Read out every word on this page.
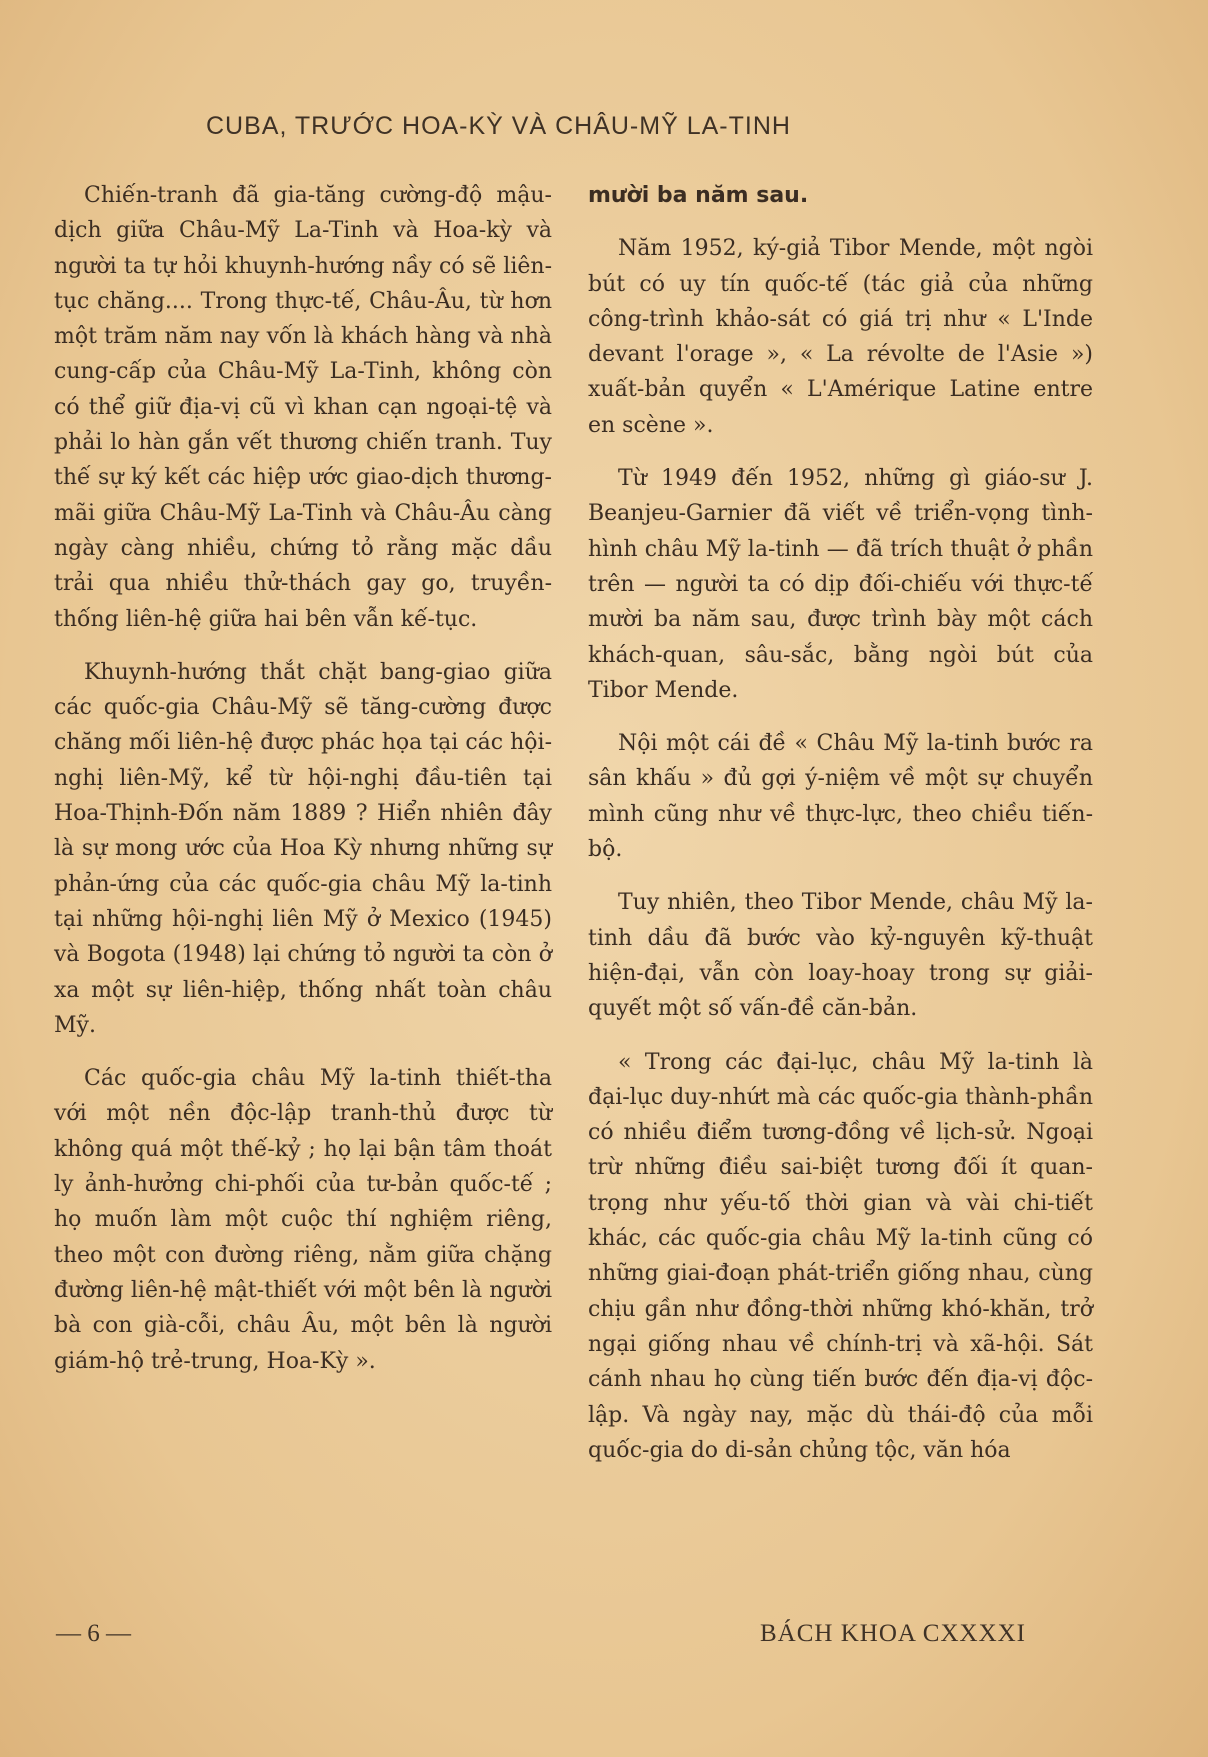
CUBA, TRƯỚC HOA-KỲ VÀ CHÂU-MỸ LA-TINH

Chiến-tranh đã gia-tăng cường-độ mậu-dịch giữa Châu-Mỹ La-Tinh và Hoa-kỳ và người ta tự hỏi khuynh-hướng nầy có sẽ liên-tục chăng.... Trong thực-tế, Châu-Âu, từ hơn một trăm năm nay vốn là khách hàng và nhà cung-cấp của Châu-Mỹ La-Tinh, không còn có thể giữ địa-vị cũ vì khan cạn ngoại-tệ và phải lo hàn gắn vết thương chiến tranh. Tuy thế sự ký kết các hiệp ước giao-dịch thương-mãi giữa Châu-Mỹ La-Tinh và Châu-Âu càng ngày càng nhiều, chứng tỏ rằng mặc dầu trải qua nhiều thử-thách gay go, truyền-thống liên-hệ giữa hai bên vẫn kế-tục.

Khuynh-hướng thắt chặt bang-giao giữa các quốc-gia Châu-Mỹ sẽ tăng-cường được chăng mối liên-hệ được phác họa tại các hội-nghị liên-Mỹ, kể từ hội-nghị đầu-tiên tại Hoa-Thịnh-Đốn năm 1889 ? Hiển nhiên đây là sự mong ước của Hoa Kỳ nhưng những sự phản-ứng của các quốc-gia châu Mỹ la-tinh tại những hội-nghị liên Mỹ ở Mexico (1945) và Bogota (1948) lại chứng tỏ người ta còn ở xa một sự liên-hiệp, thống nhất toàn châu Mỹ.

Các quốc-gia châu Mỹ la-tinh thiết-tha với một nền độc-lập tranh-thủ được từ không quá một thế-kỷ ; họ lại bận tâm thoát ly ảnh-hưởng chi-phối của tư-bản quốc-tế ; họ muốn làm một cuộc thí nghiệm riêng, theo một con đường riêng, nằm giữa chặng đường liên-hệ mật-thiết với một bên là người bà con già-cỗi, châu Âu, một bên là người giám-hộ trẻ-trung, Hoa-Kỳ ».

mười ba năm sau.

Năm 1952, ký-giả Tibor Mende, một ngòi bút có uy tín quốc-tế (tác giả của những công-trình khảo-sát có giá trị như « L'Inde devant l'orage », « La révolte de l'Asie ») xuất-bản quyển « L'Amérique Latine entre en scène ».

Từ 1949 đến 1952, những gì giáo-sư J. Beanjeu-Garnier đã viết về triển-vọng tình-hình châu Mỹ la-tinh — đã trích thuật ở phần trên — người ta có dịp đối-chiếu với thực-tế mười ba năm sau, được trình bày một cách khách-quan, sâu-sắc, bằng ngòi bút của Tibor Mende.

Nội một cái đề « Châu Mỹ la-tinh bước ra sân khấu » đủ gợi ý-niệm về một sự chuyển mình cũng như về thực-lực, theo chiều tiến-bộ.

Tuy nhiên, theo Tibor Mende, châu Mỹ la-tinh dầu đã bước vào kỷ-nguyên kỹ-thuật hiện-đại, vẫn còn loay-hoay trong sự giải-quyết một số vấn-đề căn-bản.

« Trong các đại-lục, châu Mỹ la-tinh là đại-lục duy-nhứt mà các quốc-gia thành-phần có nhiều điểm tương-đồng về lịch-sử. Ngoại trừ những điều sai-biệt tương đối ít quan-trọng như yếu-tố thời gian và vài chi-tiết khác, các quốc-gia châu Mỹ la-tinh cũng có những giai-đoạn phát-triển giống nhau, cùng chịu gần như đồng-thời những khó-khăn, trở ngại giống nhau về chính-trị và xã-hội. Sát cánh nhau họ cùng tiến bước đến địa-vị độc-lập. Và ngày nay, mặc dù thái-độ của mỗi quốc-gia do di-sản chủng tộc, văn hóa

— 6 —	BÁCH KHOA CXXXXI
